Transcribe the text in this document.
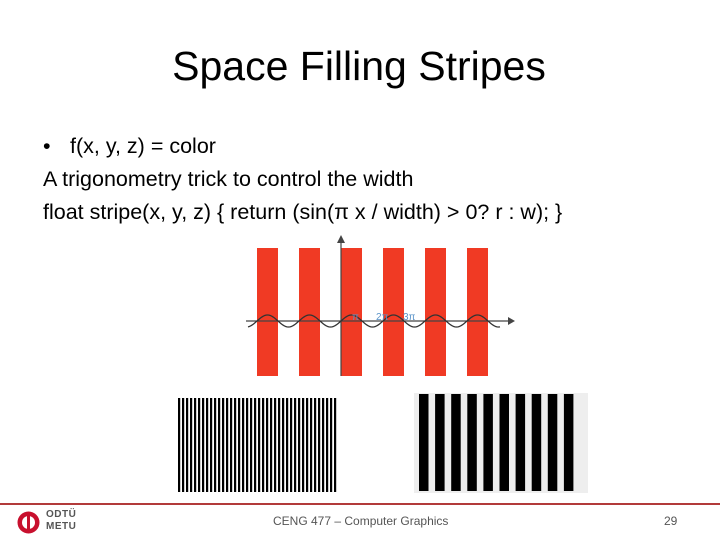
Space Filling Stripes
• f(x, y, z) = color
A trigonometry trick to control the width
float stripe(x, y, z) { return (sin(π x / width) > 0? r : w); }
π 2π 3π
ODTÜ
METU	CENG 477 – Computer Graphics	29
